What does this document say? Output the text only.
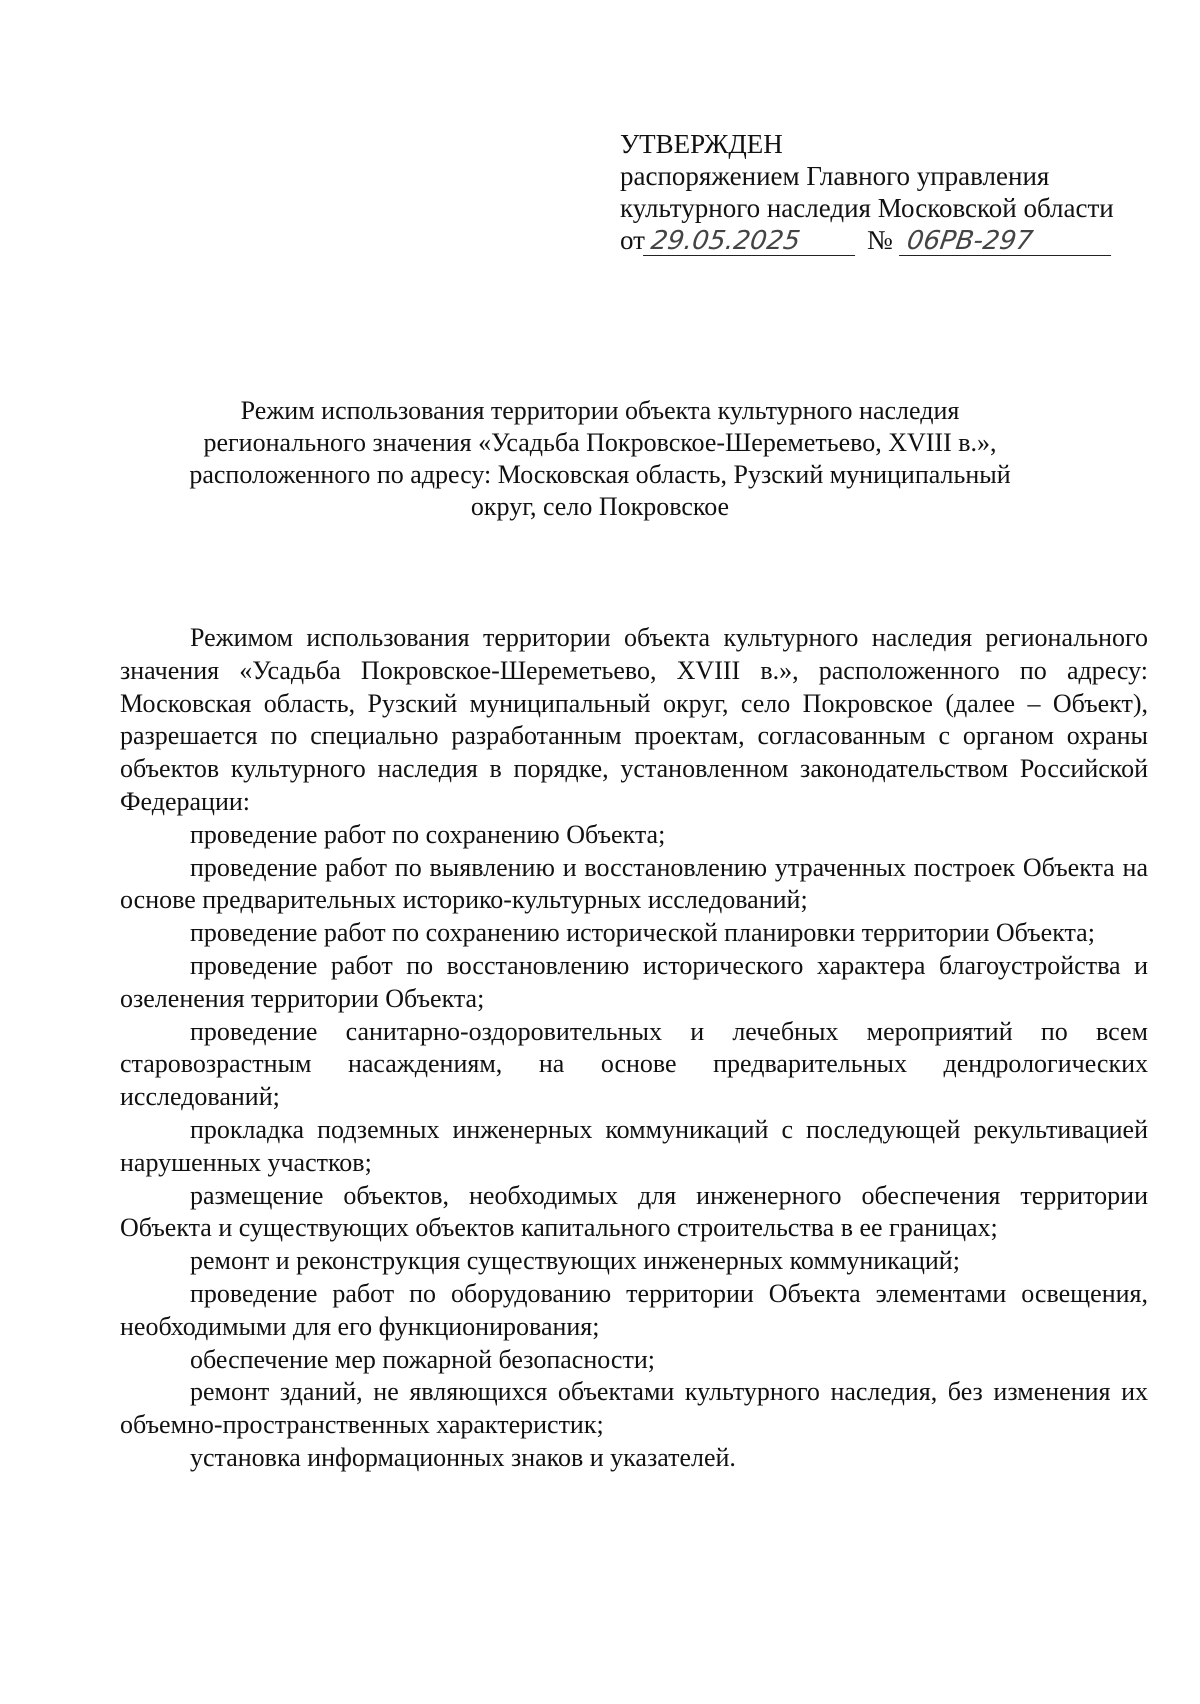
УТВЕРЖДЕН
распоряжением Главного управления
культурного наследия Московской области
от 29.05.2025	№ 06РВ-297
Режим использования территории объекта культурного наследия
регионального значения «Усадьба Покровское-Шереметьево, XVIII в.»,
расположенного по адресу: Московская область, Рузский муниципальный
округ, село Покровское

Режимом использования территории объекта культурного наследия регионального значения «Усадьба Покровское-Шереметьево, XVIII в.», расположенного по адресу: Московская область, Рузский муниципальный округ, село Покровское (далее – Объект), разрешается по специально разработанным проектам, согласованным с органом охраны объектов культурного наследия в порядке, установленном законодательством Российской Федерации:

проведение работ по сохранению Объекта;

проведение работ по выявлению и восстановлению утраченных построек Объекта на основе предварительных историко-культурных исследований;

проведение работ по сохранению исторической планировки территории Объекта;

проведение работ по восстановлению исторического характера благоустройства и озеленения территории Объекта;

проведение санитарно-оздоровительных и лечебных мероприятий по всем старовозрастным насаждениям, на основе предварительных дендрологических исследований;

прокладка подземных инженерных коммуникаций с последующей рекультивацией нарушенных участков;

размещение объектов, необходимых для инженерного обеспечения территории Объекта и существующих объектов капитального строительства в ее границах;

ремонт и реконструкция существующих инженерных коммуникаций;

проведение работ по оборудованию территории Объекта элементами освещения, необходимыми для его функционирования;

обеспечение мер пожарной безопасности;

ремонт зданий, не являющихся объектами культурного наследия, без изменения их объемно-пространственных характеристик;

установка информационных знаков и указателей.
